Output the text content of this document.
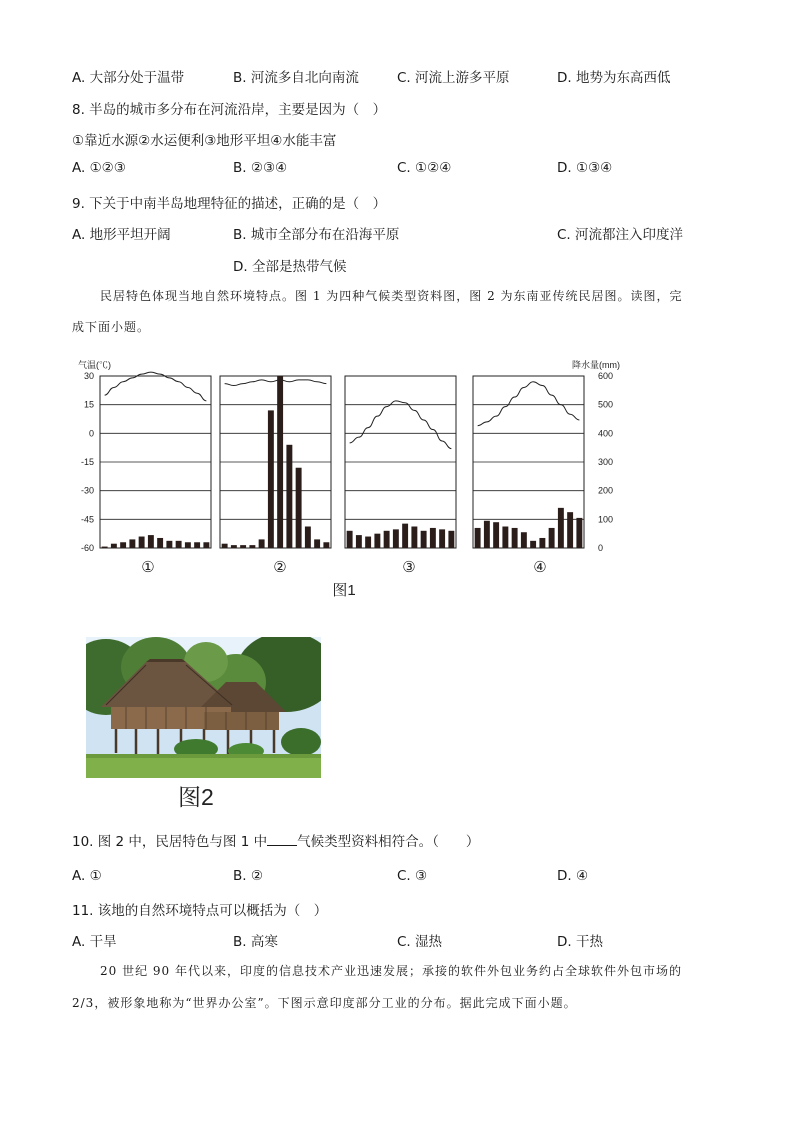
A. 大部分处于温带	B. 河流多自北向南流	C. 河流上游多平原	D. 地势为东高西低
8. 半岛的城市多分布在河流沿岸，主要是因为（　）
①靠近水源②水运便利③地形平坦④水能丰富
A. ①②③	B. ②③④	C. ①②④	D. ①③④
9. 下关于中南半岛地理特征的描述，正确的是（　）
A. 地形平坦开阔	B. 城市全部分布在沿海平原	C. 河流都注入印度洋
D. 全部是热带气候
民居特色体现当地自然环境特点。图 1 为四种气候类型资料图，图 2 为东南亚传统民居图。读图，完
成下面小题。
气温(℃)	降水量(mm)
30
15
0
-15
-30
-45
-60
600
500
400
300
200
100
0
①	②	③	④
图1
图2
10. 图 2 中，民居特色与图 1 中 气候类型资料相符合。（　　）
A. ①	B. ②	C. ③	D. ④
11. 该地的自然环境特点可以概括为（　）
A. 干旱	B. 高寒	C. 湿热	D. 干热
20 世纪 90 年代以来，印度的信息技术产业迅速发展；承接的软件外包业务约占全球软件外包市场的
2/3，被形象地称为“世界办公室”。下图示意印度部分工业的分布。据此完成下面小题。
